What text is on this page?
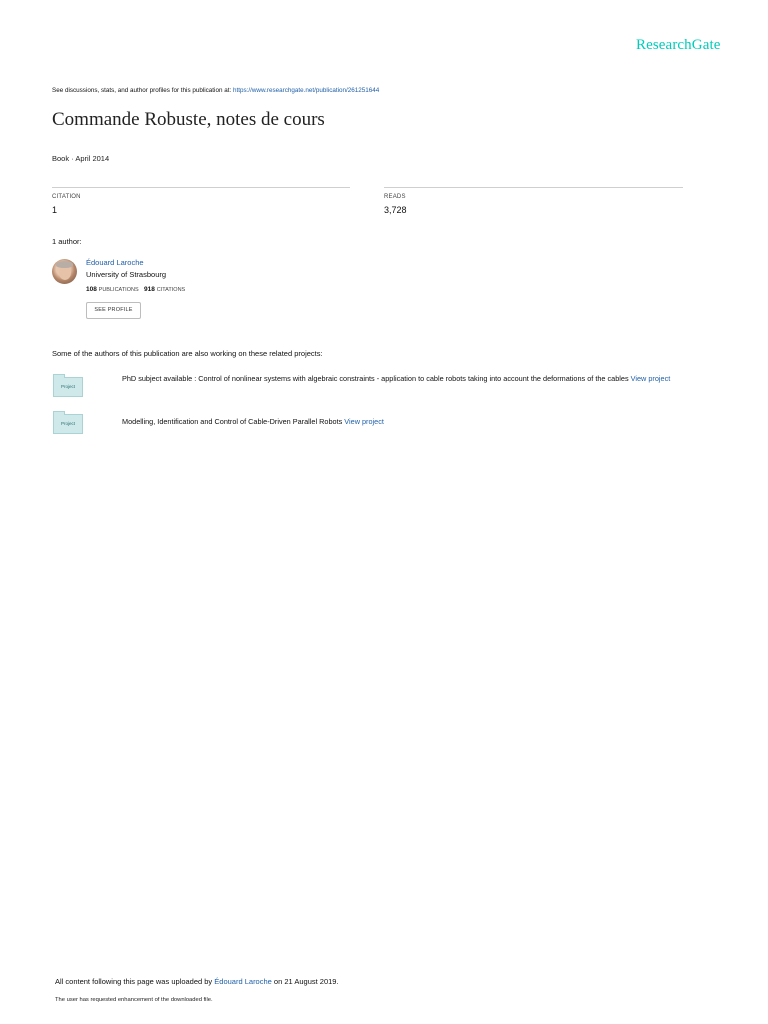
ResearchGate
See discussions, stats, and author profiles for this publication at: https://www.researchgate.net/publication/261251644
Commande Robuste, notes de cours
Book · April 2014
CITATION
1
READS
3,728
1 author:
Édouard Laroche
University of Strasbourg
108 PUBLICATIONS 918 CITATIONS
SEE PROFILE
Some of the authors of this publication are also working on these related projects:
Project
PhD subject available : Control of nonlinear systems with algebraic constraints - application to cable robots taking into account the deformations of the cables View project
Project	Modelling, Identification and Control of Cable-Driven Parallel Robots View project
All content following this page was uploaded by Édouard Laroche on 21 August 2019.
The user has requested enhancement of the downloaded file.
